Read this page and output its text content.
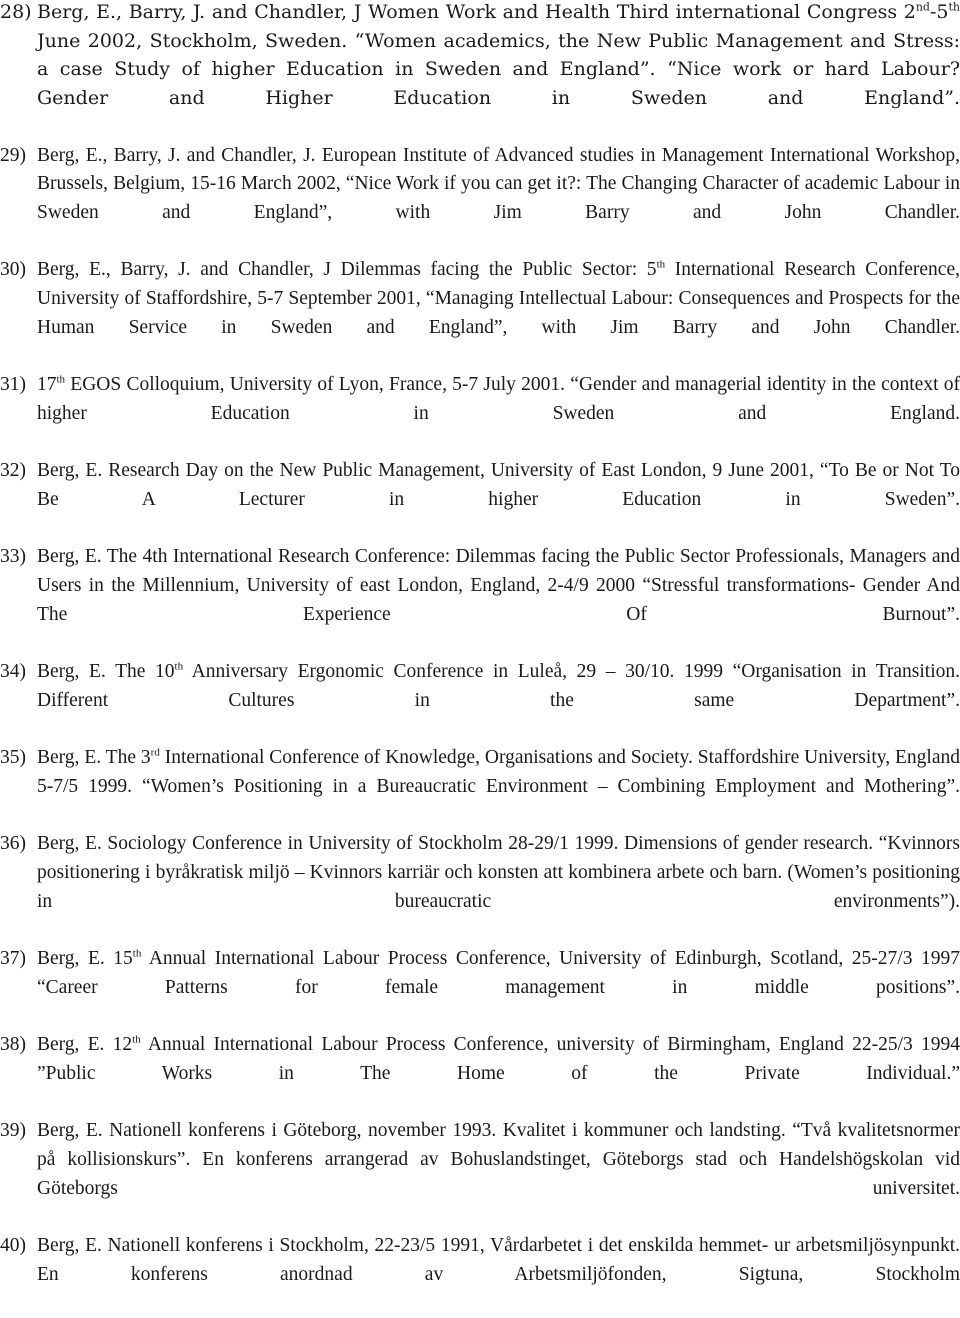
28) Berg, E., Barry, J. and Chandler, J Women Work and Health Third international Congress 2nd-5th June 2002, Stockholm, Sweden. “Women academics, the New Public Management and Stress: a case Study of higher Education in Sweden and England”. “Nice work or hard Labour? Gender and Higher Education in Sweden and England”.

29) Berg, E., Barry, J. and Chandler, J. European Institute of Advanced studies in Management International Workshop, Brussels, Belgium, 15-16 March 2002, “Nice Work if you can get it?: The Changing Character of academic Labour in Sweden and England”, with Jim Barry and John Chandler.

30) Berg, E., Barry, J. and Chandler, J Dilemmas facing the Public Sector: 5th International Research Conference, University of Staffordshire, 5-7 September 2001, “Managing Intellectual Labour: Consequences and Prospects for the Human Service in Sweden and England”, with Jim Barry and John Chandler.

31) 17th EGOS Colloquium, University of Lyon, France, 5-7 July 2001. “Gender and managerial identity in the context of higher Education in Sweden and England.

32) Berg, E. Research Day on the New Public Management, University of East London, 9 June 2001, “To Be or Not To Be A Lecturer in higher Education in Sweden”.

33) Berg, E. The 4th International Research Conference: Dilemmas facing the Public Sector Professionals, Managers and Users in the Millennium, University of east London, England, 2-4/9 2000 “Stressful transformations- Gender And The Experience Of Burnout”.

34) Berg, E. The 10th Anniversary Ergonomic Conference in Luleå, 29 – 30/10. 1999 “Organisation in Transition. Different Cultures in the same Department”.

35) Berg, E. The 3rd International Conference of Knowledge, Organisations and Society. Staffordshire University, England 5-7/5 1999. “Women’s Positioning in a Bureaucratic Environment – Combining Employment and Mothering”.

36) Berg, E. Sociology Conference in University of Stockholm 28-29/1 1999. Dimensions of gender research. “Kvinnors positionering i byråkratisk miljö – Kvinnors karriär och konsten att kombinera arbete och barn. (Women’s positioning in bureaucratic environments”).

37) Berg, E. 15th Annual International Labour Process Conference, University of Edinburgh, Scotland, 25-27/3 1997 “Career Patterns for female management in middle positions”.

38) Berg, E. 12th Annual International Labour Process Conference, university of Birmingham, England 22-25/3 1994 ”Public Works in The Home of the Private Individual.”

39) Berg, E. Nationell konferens i Göteborg, november 1993. Kvalitet i kommuner och landsting. “Två kvalitetsnormer på kollisionskurs”. En konferens arrangerad av Bohuslandstinget, Göteborgs stad och Handelshögskolan vid Göteborgs universitet.

40) Berg, E. Nationell konferens i Stockholm, 22-23/5 1991, Vårdarbetet i det enskilda hemmet- ur arbetsmiljösynpunkt. En konferens anordnad av Arbetsmiljöfonden, Sigtuna, Stockholm
